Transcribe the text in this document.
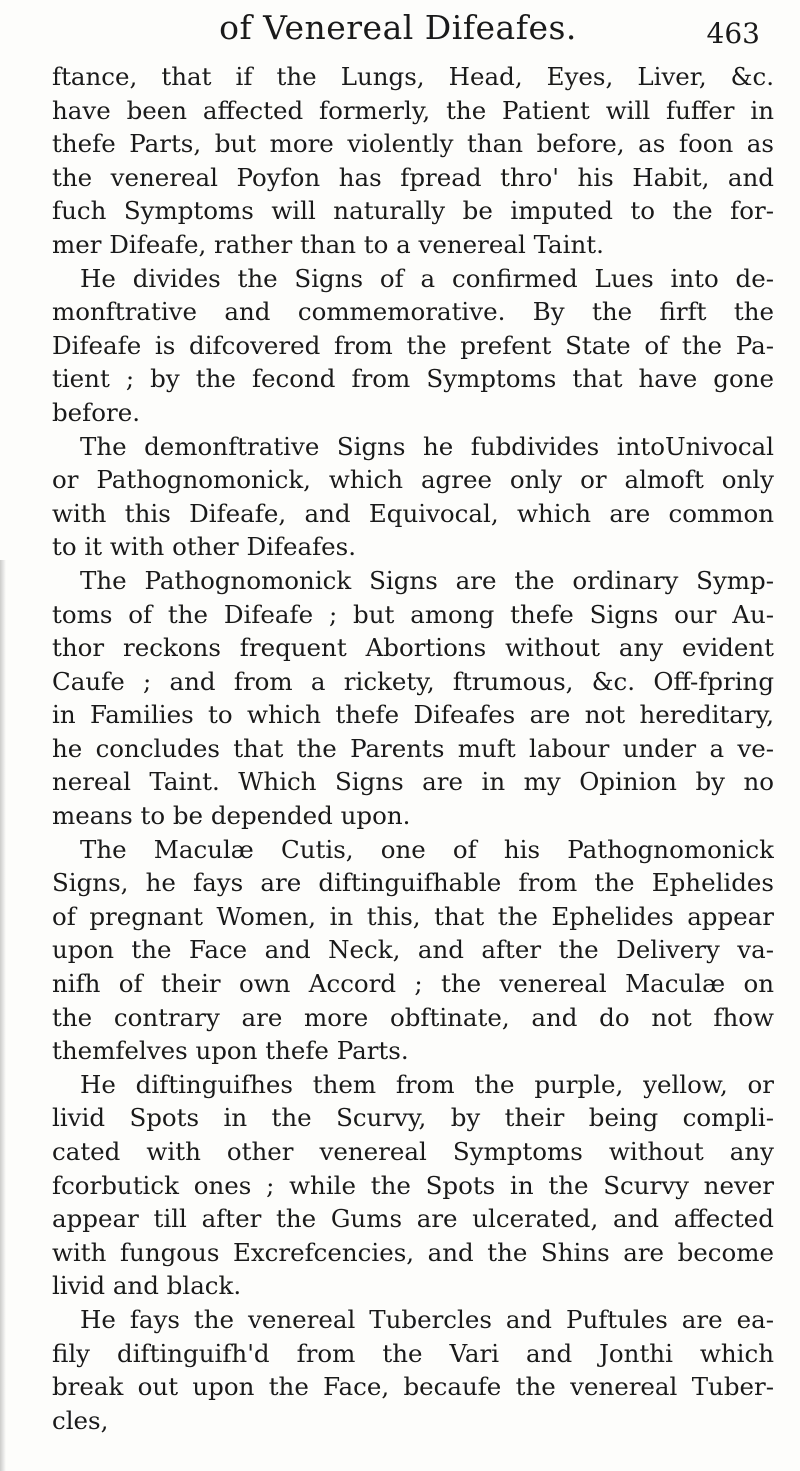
of Venereal Difeafes.	463
ftance, that if the Lungs, Head, Eyes, Liver, &c.
have been affected formerly, the Patient will fuffer in
thefe Parts, but more violently than before, as foon as
the venereal Poyfon has fpread thro' his Habit, and
fuch Symptoms will naturally be imputed to the for-
mer Difeafe, rather than to a venereal Taint.
He divides the Signs of a confirmed Lues into de-
monftrative and commemorative. By the firft the
Difeafe is difcovered from the prefent State of the Pa-
tient ; by the fecond from Symptoms that have gone
before.
The demonftrative Signs he fubdivides intoUnivocal
or Pathognomonick, which agree only or almoft only
with this Difeafe, and Equivocal, which are common
to it with other Difeafes.
The Pathognomonick Signs are the ordinary Symp-
toms of the Difeafe ; but among thefe Signs our Au-
thor reckons frequent Abortions without any evident
Caufe ; and from a rickety, ftrumous, &c. Off-fpring
in Families to which thefe Difeafes are not hereditary,
he concludes that the Parents muft labour under a ve-
nereal Taint. Which Signs are in my Opinion by no
means to be depended upon.
The Maculæ Cutis, one of his Pathognomonick
Signs, he fays are diftinguifhable from the Ephelides
of pregnant Women, in this, that the Ephelides appear
upon the Face and Neck, and after the Delivery va-
nifh of their own Accord ; the venereal Maculæ on
the contrary are more obftinate, and do not fhow
themfelves upon thefe Parts.
He diftinguifhes them from the purple, yellow, or
livid Spots in the Scurvy, by their being compli-
cated with other venereal Symptoms without any
fcorbutick ones ; while the Spots in the Scurvy never
appear till after the Gums are ulcerated, and affected
with fungous Excrefcencies, and the Shins are become
livid and black.
He fays the venereal Tubercles and Puftules are ea-
fily diftinguifh'd from the Vari and Jonthi which
break out upon the Face, becaufe the venereal Tuber-
cles,
